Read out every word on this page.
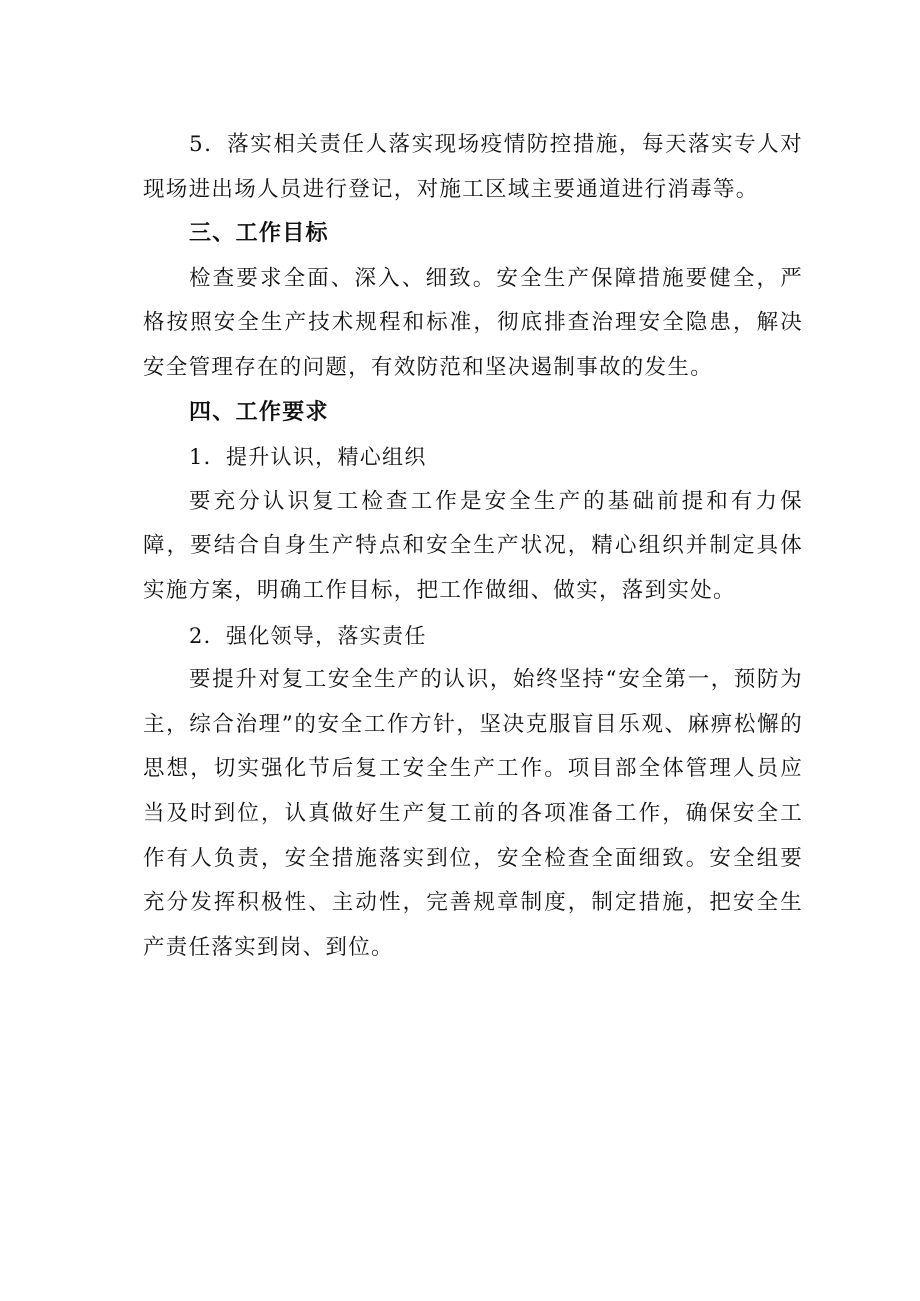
5．落实相关责任人落实现场疫情防控措施，每天落实专人对现场进出场人员进行登记，对施工区域主要通道进行消毒等。

三、工作目标

检查要求全面、深入、细致。安全生产保障措施要健全，严格按照安全生产技术规程和标准，彻底排查治理安全隐患，解决安全管理存在的问题，有效防范和坚决遏制事故的发生。

四、工作要求

1．提升认识，精心组织

要充分认识复工检查工作是安全生产的基础前提和有力保障，要结合自身生产特点和安全生产状况，精心组织并制定具体实施方案，明确工作目标，把工作做细、做实，落到实处。

2．强化领导，落实责任

要提升对复工安全生产的认识，始终坚持“安全第一，预防为主，综合治理”的安全工作方针，坚决克服盲目乐观、麻痹松懈的思想，切实强化节后复工安全生产工作。项目部全体管理人员应当及时到位，认真做好生产复工前的各项准备工作，确保安全工作有人负责，安全措施落实到位，安全检查全面细致。安全组要充分发挥积极性、主动性，完善规章制度，制定措施，把安全生产责任落实到岗、到位。
